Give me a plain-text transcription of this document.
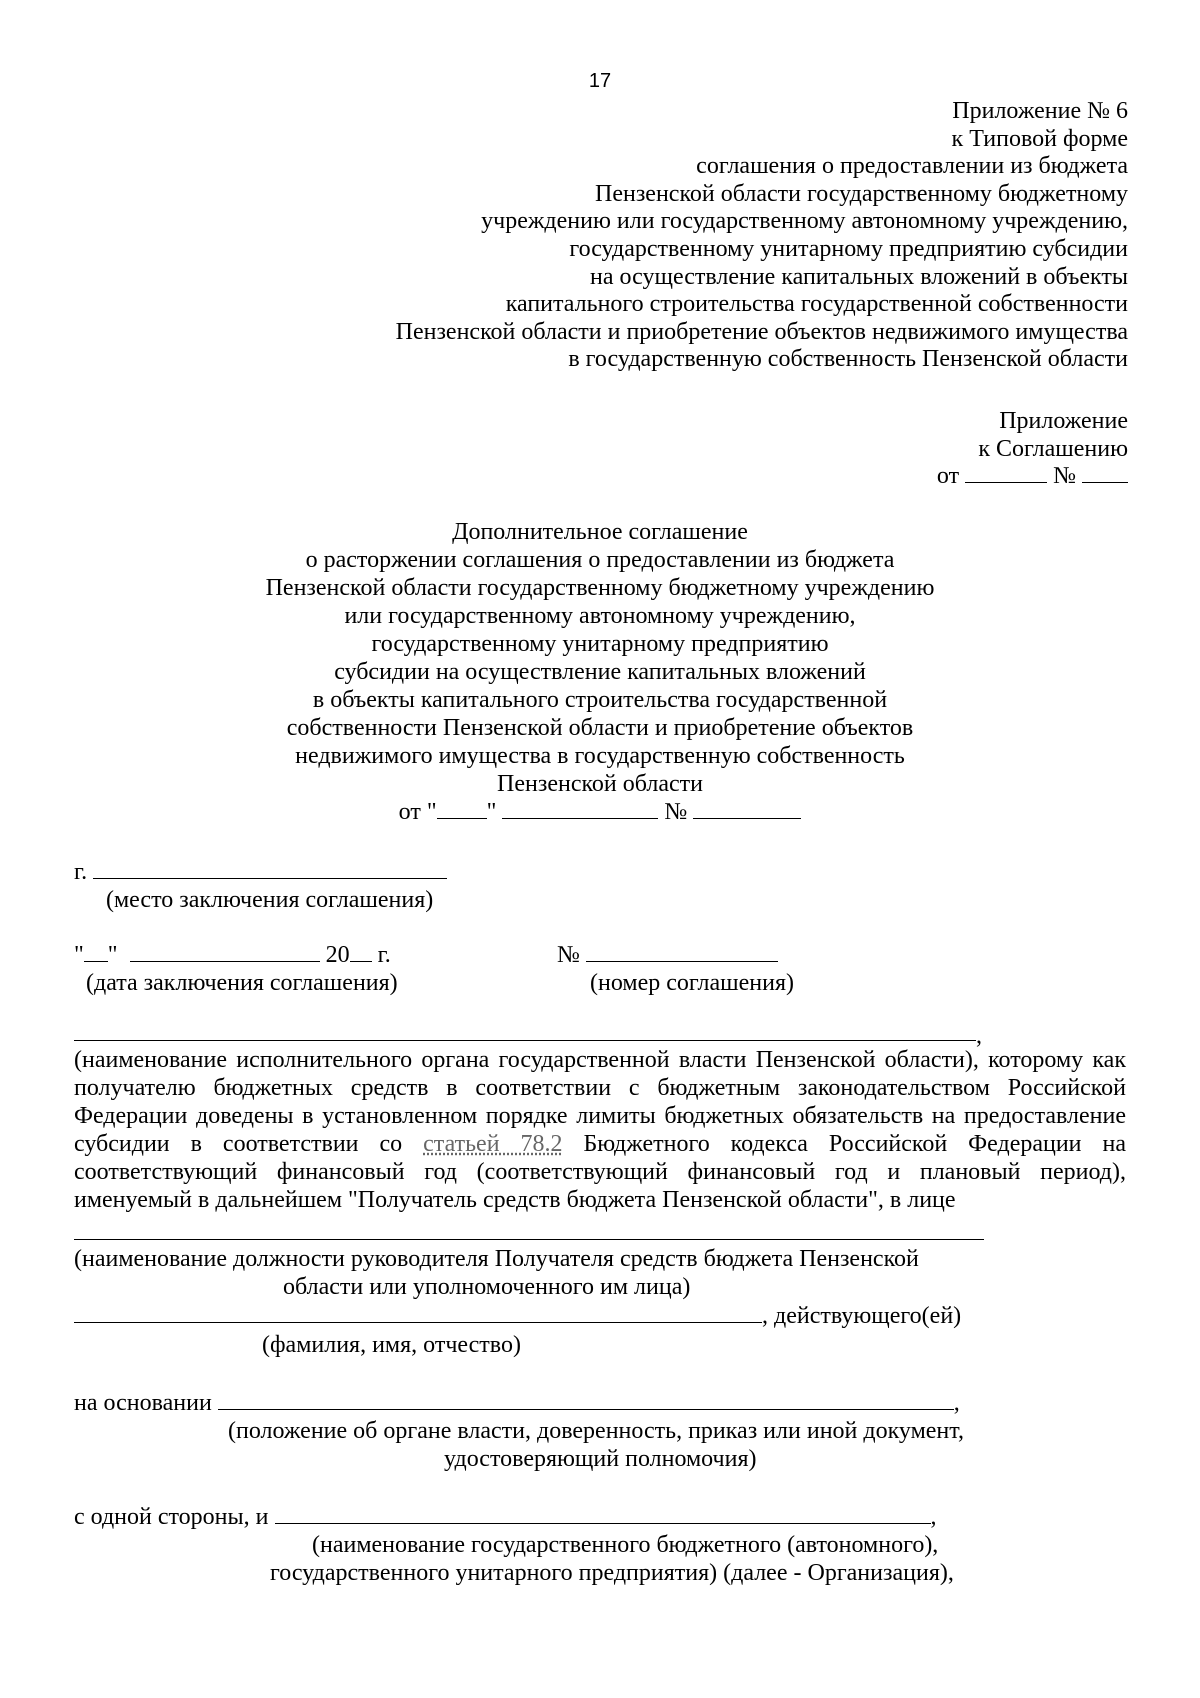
17
Приложение № 6
к Типовой форме
соглашения о предоставлении из бюджета
Пензенской области государственному бюджетному
учреждению или государственному автономному учреждению,
государственному унитарному предприятию субсидии
на осуществление капитальных вложений в объекты
капитального строительства государственной собственности
Пензенской области и приобретение объектов недвижимого имущества
в государственную собственность Пензенской области
Приложение
к Соглашению
от	№
Дополнительное соглашение
о расторжении соглашения о предоставлении из бюджета
Пензенской области государственному бюджетному учреждению
или государственному автономному учреждению,
государственному унитарному предприятию
субсидии на осуществление капитальных вложений
в объекты капитального строительства государственной
собственности Пензенской области и приобретение объектов
недвижимого имущества в государственную собственность
Пензенской области
от " "	№
г.
(место заключения соглашения)
" "	20 г.
(дата заключения соглашения)
№
(номер соглашения)
,
(наименование исполнительного органа государственной власти Пензенской области), которому как
получателю бюджетных средств в соответствии с бюджетным законодательством Российской
Федерации доведены в установленном порядке лимиты бюджетных обязательств на предоставление
субсидии в соответствии со статьей 78.2 Бюджетного кодекса Российской Федерации на
соответствующий финансовый год (соответствующий финансовый год и плановый период),
именуемый в дальнейшем "Получатель средств бюджета Пензенской области", в лице
(наименование должности руководителя Получателя средств бюджета Пензенской
области или уполномоченного им лица)
, действующего(ей)
(фамилия, имя, отчество)
на основании	,
(положение об органе власти, доверенность, приказ или иной документ,
удостоверяющий полномочия)
с одной стороны, и	,
(наименование государственного бюджетного (автономного),
государственного унитарного предприятия) (далее - Организация),
